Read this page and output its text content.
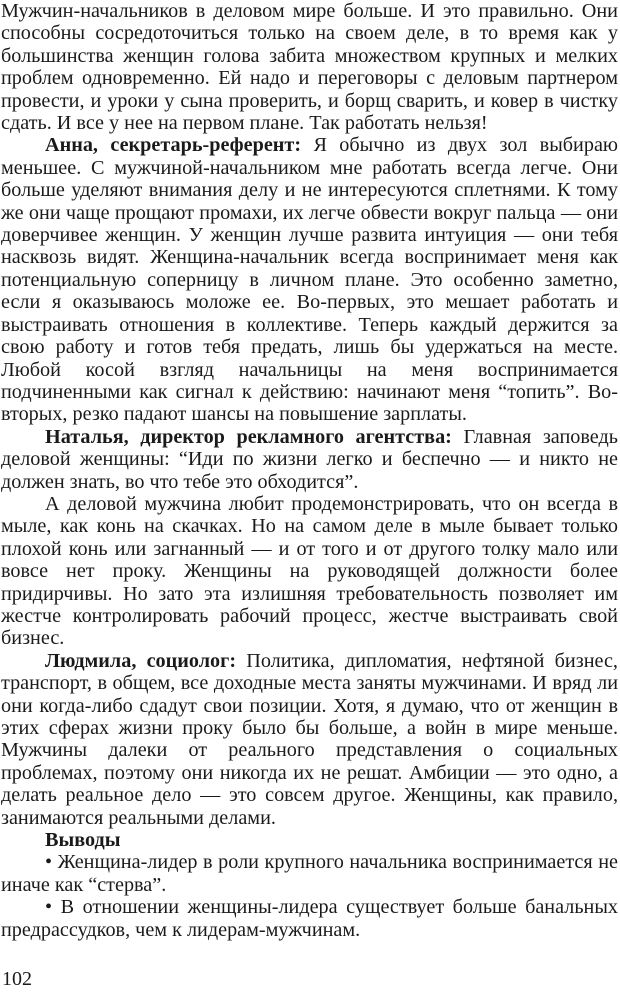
Мужчин-начальников в деловом мире больше. И это правильно. Они способны сосредоточиться только на своем деле, в то время как у большинства женщин голова забита множеством крупных и мелких проблем одновременно. Ей надо и переговоры с деловым партнером провести, и уроки у сына проверить, и борщ сварить, и ковер в чистку сдать. И все у нее на первом плане. Так работать нельзя!

Анна, секретарь-референт: Я обычно из двух зол выбираю меньшее. С мужчиной-начальником мне работать всегда легче. Они больше уделяют внимания делу и не интересуются сплетнями. К тому же они чаще прощают промахи, их легче обвести вокруг пальца — они доверчивее женщин. У женщин лучше развита интуиция — они тебя насквозь видят. Женщина-начальник всегда воспринимает меня как потенциальную соперницу в личном плане. Это особенно заметно, если я оказываюсь моложе ее. Во-первых, это мешает работать и выстраивать отношения в коллективе. Теперь каждый держится за свою работу и готов тебя предать, лишь бы удержаться на месте. Любой косой взгляд начальницы на меня воспринимается подчиненными как сигнал к действию: начинают меня “топить”. Во-вторых, резко падают шансы на повышение зарплаты.

Наталья, директор рекламного агентства: Главная заповедь деловой женщины: “Иди по жизни легко и беспечно — и никто не должен знать, во что тебе это обходится”.

А деловой мужчина любит продемонстрировать, что он всегда в мыле, как конь на скачках. Но на самом деле в мыле бывает только плохой конь или загнанный — и от того и от другого толку мало или вовсе нет проку. Женщины на руководящей должности более придирчивы. Но зато эта излишняя требовательность позволяет им жестче контролировать рабочий процесс, жестче выстраивать свой бизнес.

Людмила, социолог: Политика, дипломатия, нефтяной бизнес, транспорт, в общем, все доходные места заняты мужчинами. И вряд ли они когда-либо сдадут свои позиции. Хотя, я думаю, что от женщин в этих сферах жизни проку было бы больше, а войн в мире меньше. Мужчины далеки от реального представления о социальных проблемах, поэтому они никогда их не решат. Амбиции — это одно, а делать реальное дело — это совсем другое. Женщины, как правило, занимаются реальными делами.

Выводы

• Женщина-лидер в роли крупного начальника воспринимается не иначе как “стерва”.

• В отношении женщины-лидера существует больше банальных предрассудков, чем к лидерам-мужчинам.

102
